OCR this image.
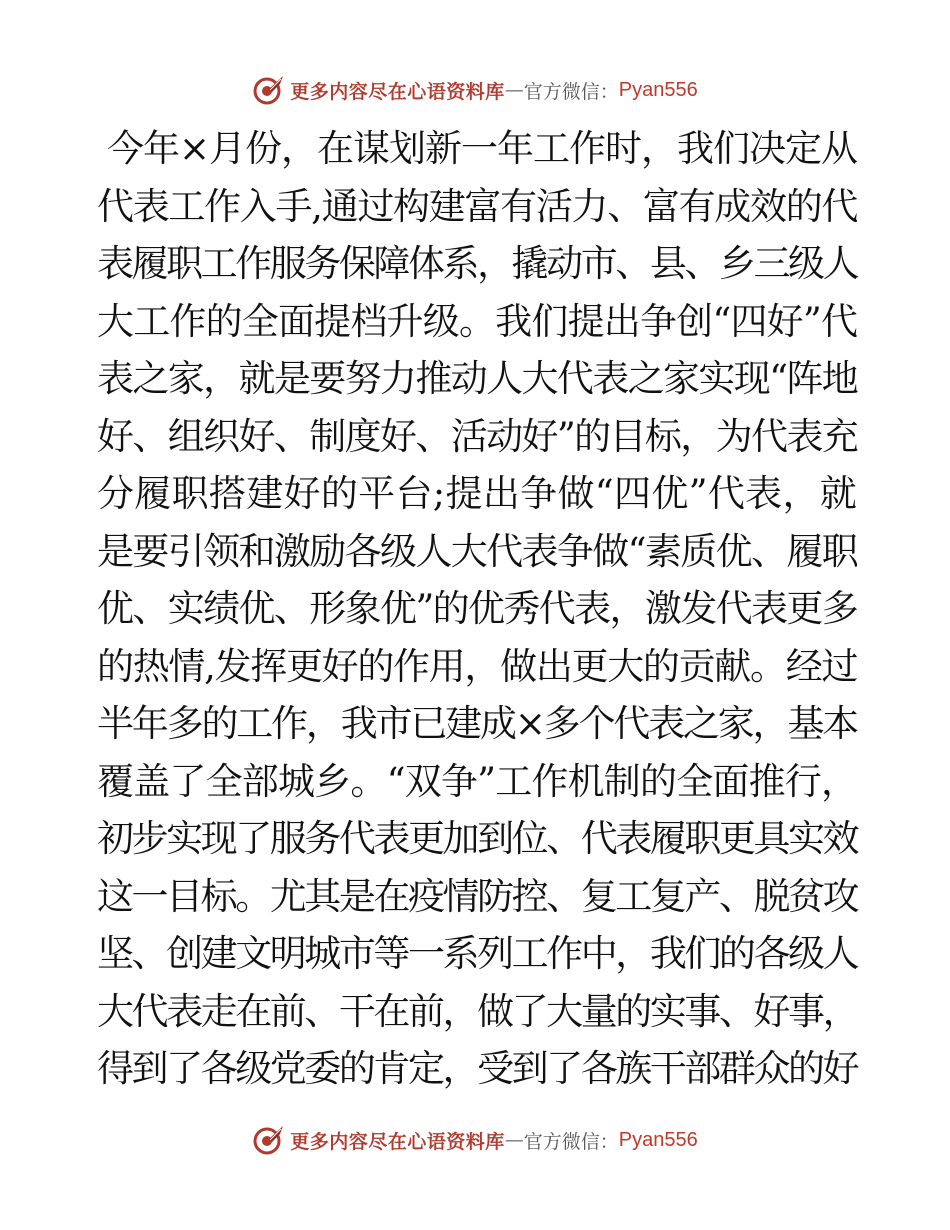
更多内容尽在心语资料库 — 官方微信： Pyan556
今年×月份，在谋划新一年工作时，我们决定从
代表工作入手,通过构建富有活力、富有成效的代
表履职工作服务保障体系，撬动市、县、乡三级人
大工作的全面提档升级。我们提出争创“四好”代
表之家，就是要努力推动人大代表之家实现“阵地
好、组织好、制度好、活动好”的目标，为代表充
分履职搭建好的平台;提出争做“四优”代表，就
是要引领和激励各级人大代表争做“素质优、履职
优、实绩优、形象优”的优秀代表，激发代表更多
的热情,发挥更好的作用，做出更大的贡献。经过
半年多的工作，我市已建成×多个代表之家，基本
覆盖了全部城乡。“双争”工作机制的全面推行，
初步实现了服务代表更加到位、代表履职更具实效
这一目标。尤其是在疫情防控、复工复产、脱贫攻
坚、创建文明城市等一系列工作中，我们的各级人
大代表走在前、干在前，做了大量的实事、好事，
得到了各级党委的肯定，受到了各族干部群众的好
更多内容尽在心语资料库 — 官方微信： Pyan556
